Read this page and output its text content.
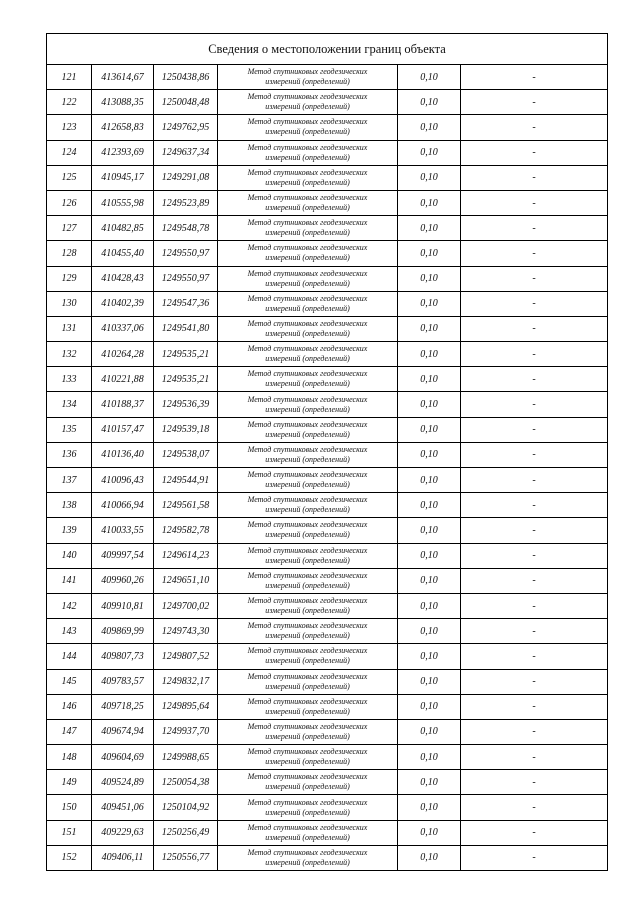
Сведения о местоположении границ объекта					
121	413614,67	1250438,86	Метод спутниковых геодезических
измерений (определений)	0,10	-
122	413088,35	1250048,48	Метод спутниковых геодезических
измерений (определений)	0,10	-
123	412658,83	1249762,95	Метод спутниковых геодезических
измерений (определений)	0,10	-
124	412393,69	1249637,34	Метод спутниковых геодезических
измерений (определений)	0,10	-
125	410945,17	1249291,08	Метод спутниковых геодезических
измерений (определений)	0,10	-
126	410555,98	1249523,89	Метод спутниковых геодезических
измерений (определений)	0,10	-
127	410482,85	1249548,78	Метод спутниковых геодезических
измерений (определений)	0,10	-
128	410455,40	1249550,97	Метод спутниковых геодезических
измерений (определений)	0,10	-
129	410428,43	1249550,97	Метод спутниковых геодезических
измерений (определений)	0,10	-
130	410402,39	1249547,36	Метод спутниковых геодезических
измерений (определений)	0,10	-
131	410337,06	1249541,80	Метод спутниковых геодезических
измерений (определений)	0,10	-
132	410264,28	1249535,21	Метод спутниковых геодезических
измерений (определений)	0,10	-
133	410221,88	1249535,21	Метод спутниковых геодезических
измерений (определений)	0,10	-
134	410188,37	1249536,39	Метод спутниковых геодезических
измерений (определений)	0,10	-
135	410157,47	1249539,18	Метод спутниковых геодезических
измерений (определений)	0,10	-
136	410136,40	1249538,07	Метод спутниковых геодезических
измерений (определений)	0,10	-
137	410096,43	1249544,91	Метод спутниковых геодезических
измерений (определений)	0,10	-
138	410066,94	1249561,58	Метод спутниковых геодезических
измерений (определений)	0,10	-
139	410033,55	1249582,78	Метод спутниковых геодезических
измерений (определений)	0,10	-
140	409997,54	1249614,23	Метод спутниковых геодезических
измерений (определений)	0,10	-
141	409960,26	1249651,10	Метод спутниковых геодезических
измерений (определений)	0,10	-
142	409910,81	1249700,02	Метод спутниковых геодезических
измерений (определений)	0,10	-
143	409869,99	1249743,30	Метод спутниковых геодезических
измерений (определений)	0,10	-
144	409807,73	1249807,52	Метод спутниковых геодезических
измерений (определений)	0,10	-
145	409783,57	1249832,17	Метод спутниковых геодезических
измерений (определений)	0,10	-
146	409718,25	1249895,64	Метод спутниковых геодезических
измерений (определений)	0,10	-
147	409674,94	1249937,70	Метод спутниковых геодезических
измерений (определений)	0,10	-
148	409604,69	1249988,65	Метод спутниковых геодезических
измерений (определений)	0,10	-
149	409524,89	1250054,38	Метод спутниковых геодезических
измерений (определений)	0,10	-
150	409451,06	1250104,92	Метод спутниковых геодезических
измерений (определений)	0,10	-
151	409229,63	1250256,49	Метод спутниковых геодезических
измерений (определений)	0,10	-
152	409406,11	1250556,77	Метод спутниковых геодезических
измерений (определений)	0,10	-
